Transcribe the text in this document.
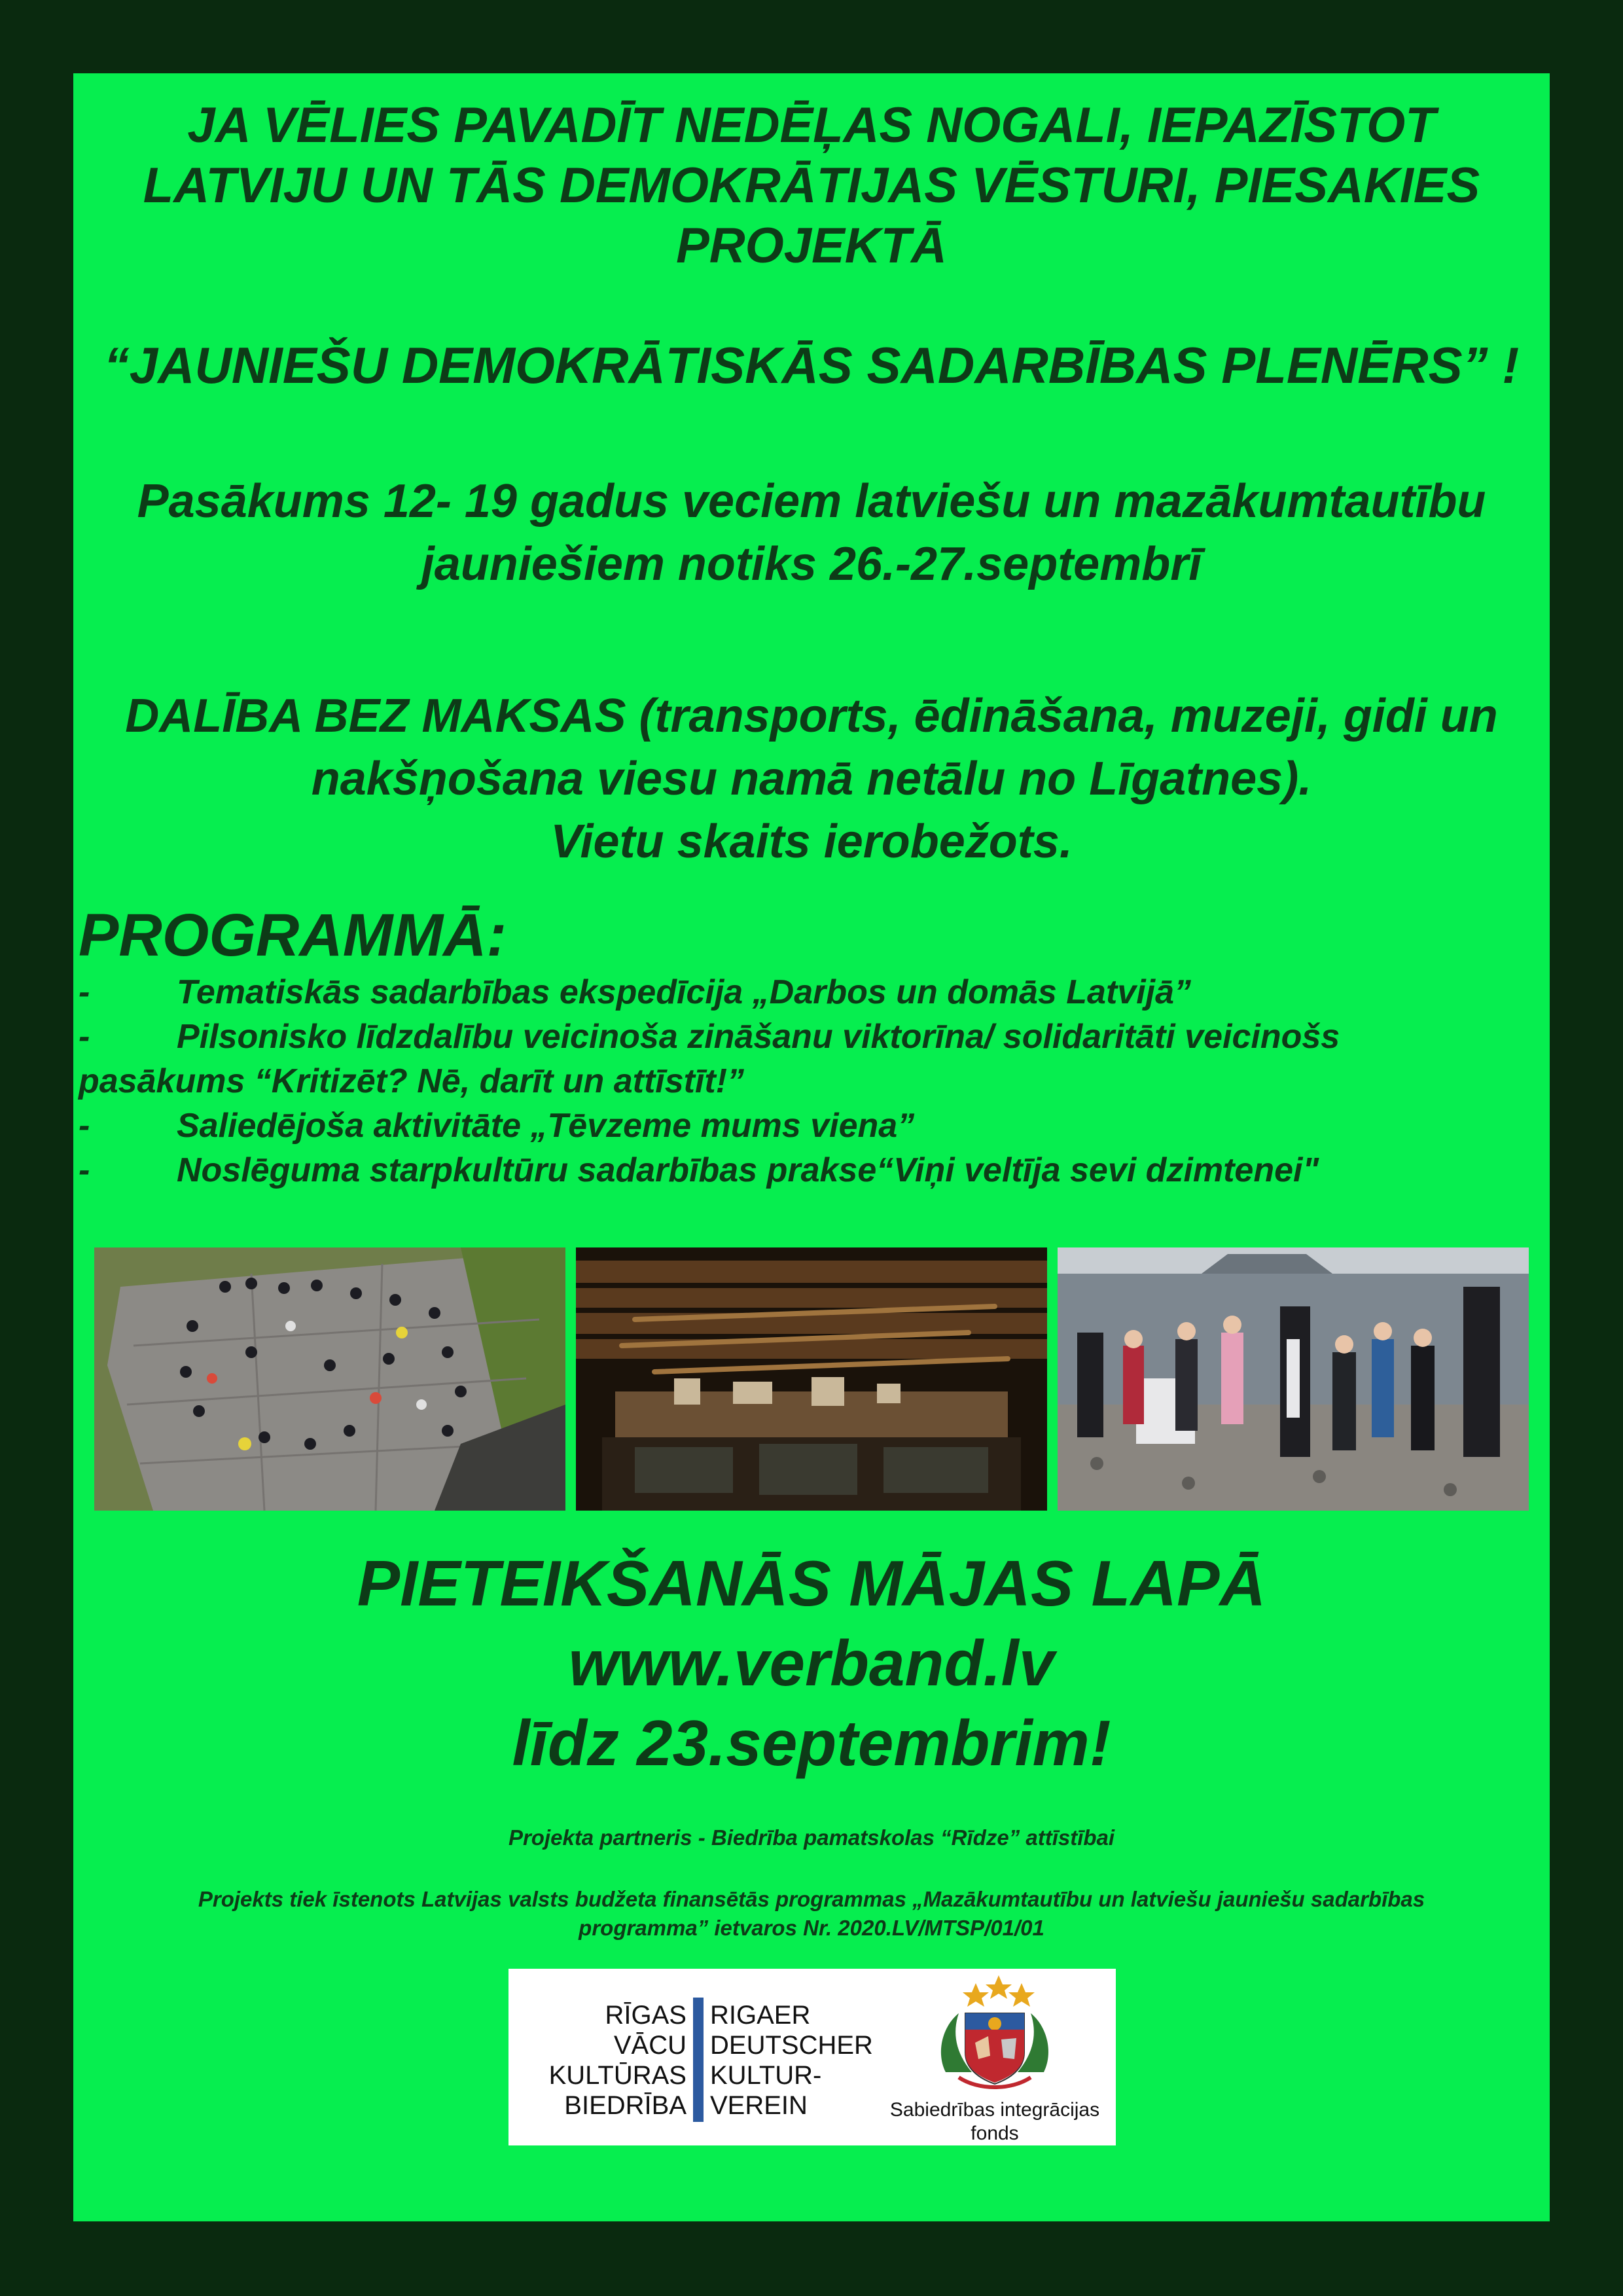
JA VĒLIES PAVADĪT NEDĒĻAS NOGALI, IEPAZĪSTOT
LATVIJU UN TĀS DEMOKRĀTIJAS VĒSTURI, PIESAKIES
PROJEKTĀ
“JAUNIEŠU DEMOKRĀTISKĀS SADARBĪBAS PLENĒRS” !
Pasākums 12- 19 gadus veciem latviešu un mazākumtautību
jauniešiem notiks 26.-27.septembrī
DALĪBA BEZ MAKSAS (transports, ēdināšana, muzeji, gidi un
nakšņošana viesu namā netālu no Līgatnes).
Vietu skaits ierobežots.
PROGRAMMĀ:
-	Tematiskās sadarbības ekspedīcija „Darbos un domās Latvijā”
-	Pilsonisko līdzdalību veicinoša zināšanu viktorīna/ solidaritāti veicinošs
pasākums “Kritizēt? Nē, darīt un attīstīt!”
-	Saliedējoša aktivitāte „Tēvzeme mums viena”
-	Noslēguma starpkultūru sadarbības prakse“Viņi veltīja sevi dzimtenei"
PIETEIKŠANĀS MĀJAS LAPĀ
www.verband.lv
līdz 23.septembrim!
Projekta partneris - Biedrība pamatskolas “Rīdze” attīstībai
Projekts tiek īstenots Latvijas valsts budžeta finansētās programmas „Mazākumtautību un latviešu jauniešu sadarbības
programma” ietvaros Nr. 2020.LV/MTSP/01/01
RĪGAS
VĀCU
KULTŪRAS
BIEDRĪBA
RIGAER
DEUTSCHER
KULTUR-
VEREIN	Sabiedrības integrācijas
fonds
